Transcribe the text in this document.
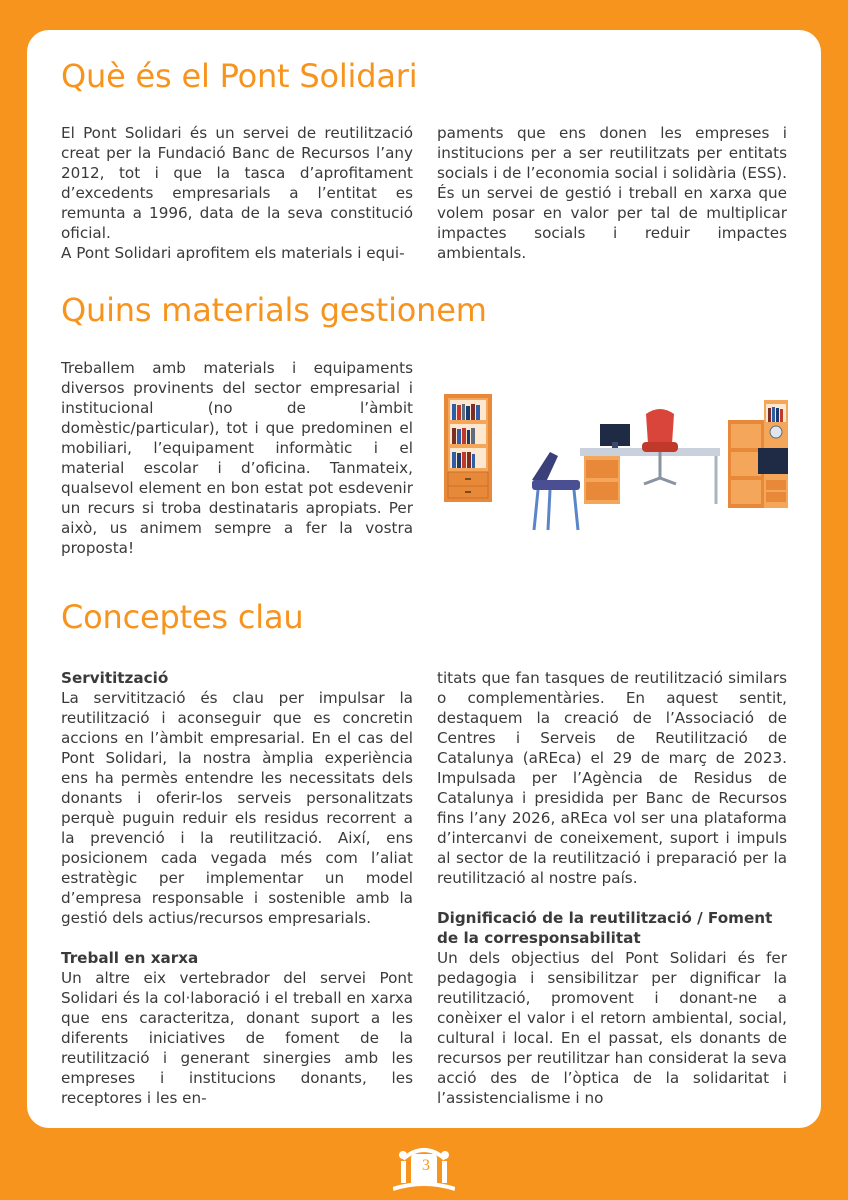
Què és el Pont Solidari

El Pont Solidari és un servei de reutilització creat per la Fundació Banc de Recursos l’any 2012, tot i que la tasca d’aprofitament d’excedents empresarials a l’entitat es remunta a 1996, data de la seva constitució oficial.

A Pont Solidari aprofitem els materials i equi-

paments que ens donen les empreses i institucions per a ser reutilitzats per entitats socials i de l’economia social i solidària (ESS). És un servei de gestió i treball en xarxa que volem posar en valor per tal de multiplicar impactes socials i reduir impactes ambientals.

Quins materials gestionem

Treballem amb materials i equipaments diversos provinents del sector empresarial i institucional (no de l’àmbit domèstic/particular), tot i que predominen el mobiliari, l’equipament informàtic i el material escolar i d’oficina. Tanmateix, qualsevol element en bon estat pot esdevenir un recurs si troba destinataris apropiats. Per això, us animem sempre a fer la vostra proposta!

Conceptes clau

Servitització

La servitització és clau per impulsar la reutilització i aconseguir que es concretin accions en l’àmbit empresarial. En el cas del Pont Solidari, la nostra àmplia experiència ens ha permès entendre les necessitats dels donants i oferir-los serveis personalitzats perquè puguin reduir els residus recorrent a la prevenció i la reutilització. Així, ens posicionem cada vegada més com l’aliat estratègic per implementar un model d’empresa responsable i sostenible amb la gestió dels actius/recursos empresarials.

Treball en xarxa

Un altre eix vertebrador del servei Pont Solidari és la col·laboració i el treball en xarxa que ens caracteritza, donant suport a les diferents iniciatives de foment de la reutilització i generant sinergies amb les empreses i institucions donants, les receptores i les en-

titats que fan tasques de reutilització similars o complementàries. En aquest sentit, destaquem la creació de l’Associació de Centres i Serveis de Reutilització de Catalunya (aREca) el 29 de març de 2023. Impulsada per l’Agència de Residus de Catalunya i presidida per Banc de Recursos fins l’any 2026, aREca vol ser una plataforma d’intercanvi de coneixement, suport i impuls al sector de la reutilització i preparació per la reutilització al nostre país.

Dignificació de la reutilització / Foment de la corresponsabilitat

Un dels objectius del Pont Solidari és fer pedagogia i sensibilitzar per dignificar la reutilització, promovent i donant-ne a conèixer el valor i el retorn ambiental, social, cultural i local. En el passat, els donants de recursos per reutilitzar han considerat la seva acció des de l’òptica de la solidaritat i l’assistencialisme i no

3
